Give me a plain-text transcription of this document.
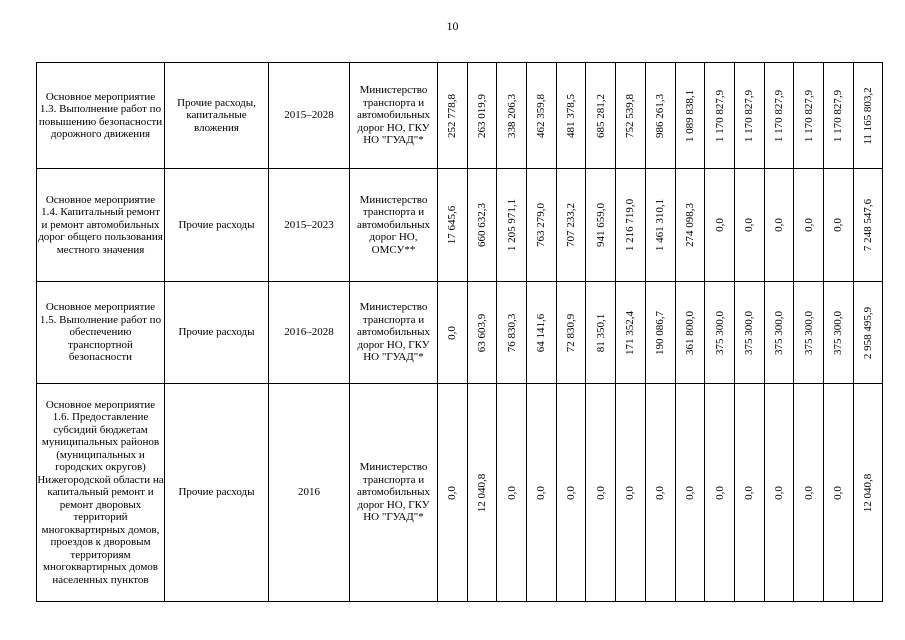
10
Основное мероприятие 1.3. Выполнение работ по повышению безопасности дорожного движения	Прочие расходы, капитальные вложения	2015–2028	Министерство транспорта и автомобильных дорог НО, ГКУ НО "ГУАД"*	252 778,8	263 019,9	338 206,3	462 359,8	481 378,5	685 281,2	752 539,8	986 261,3	1 089 838,1	1 170 827,9	1 170 827,9	1 170 827,9	1 170 827,9	1 170 827,9	11 165 803,2

Основное мероприятие 1.4. Капитальный ремонт и ремонт автомобильных дорог общего пользования местного значения	Прочие расходы	2015–2023	Министерство транспорта и автомобильных дорог НО, ОМСУ**	17 645,6	660 632,3	1 205 971,1	763 279,0	707 233,2	941 659,0	1 216 719,0	1 461 310,1	274 098,3	0,0	0,0	0,0	0,0	0,0	7 248 547,6

Основное мероприятие 1.5. Выполнение работ по обеспечению транспортной безопасности	Прочие расходы	2016–2028	Министерство транспорта и автомобильных дорог НО, ГКУ НО "ГУАД"*	0,0	63 603,9	76 830,3	64 141,6	72 830,9	81 350,1	171 352,4	190 086,7	361 800,0	375 300,0	375 300,0	375 300,0	375 300,0	375 300,0	2 958 495,9

Основное мероприятие 1.6. Предоставление субсидий бюджетам муниципальных районов (муниципальных и городских округов) Нижегородской области на капитальный ремонт и ремонт дворовых территорий многоквартирных домов, проездов к дворовым территориям многоквартирных домов населенных пунктов	Прочие расходы	2016	Министерство транспорта и автомобильных дорог НО, ГКУ НО "ГУАД"*	0,0	12 040,8	0,0	0,0	0,0	0,0	0,0	0,0	0,0	0,0	0,0	0,0	0,0	0,0	12 040,8
